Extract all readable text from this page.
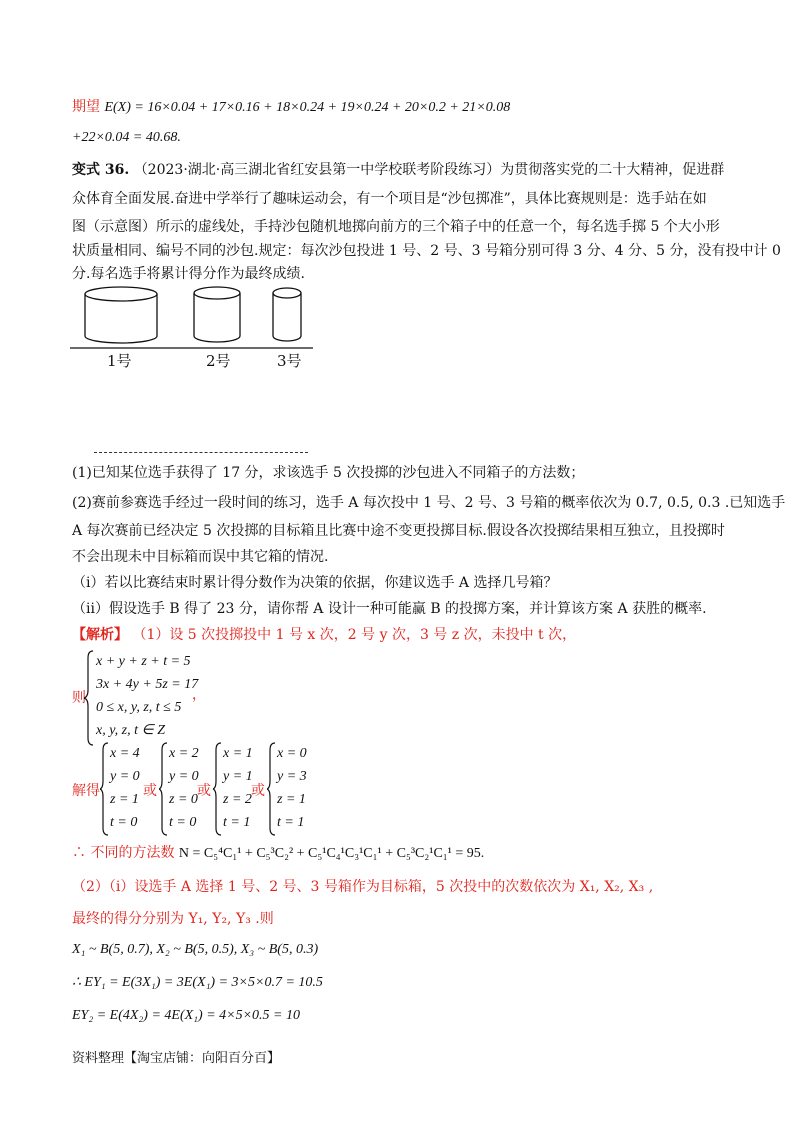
期望 E(X) = 16×0.04 + 17×0.16 + 18×0.24 + 19×0.24 + 20×0.2 + 21×0.08
+22×0.04 = 40.68.
变式 36. （2023·湖北·高三湖北省红安县第一中学校联考阶段练习）为贯彻落实党的二十大精神，促进群
众体育全面发展.奋进中学举行了趣味运动会，有一个项目是“沙包掷准”，具体比赛规则是：选手站在如
图（示意图）所示的虚线处，手持沙包随机地掷向前方的三个箱子中的任意一个，每名选手掷 5 个大小形
状质量相同、编号不同的沙包.规定：每次沙包投进 1 号、2 号、3 号箱分别可得 3 分、4 分、5 分，没有投中计 0
分.每名选手将累计得分作为最终成绩.
1号	2号	3号
(1)已知某位选手获得了 17 分，求该选手 5 次投掷的沙包进入不同箱子的方法数；
(2)赛前参赛选手经过一段时间的练习，选手 A 每次投中 1 号、2 号、3 号箱的概率依次为 0.7, 0.5, 0.3 .已知选手
A 每次赛前已经决定 5 次投掷的目标箱且比赛中途不变更投掷目标.假设各次投掷结果相互独立，且投掷时
不会出现未中目标箱而误中其它箱的情况.
（i）若以比赛结束时累计得分数作为决策的依据，你建议选手 A 选择几号箱？
（ii）假设选手 B 得了 23 分，请你帮 A 设计一种可能赢 B 的投掷方案，并计算该方案 A 获胜的概率.
【解析】 （1）设 5 次投掷投中 1 号 x 次，2 号 y 次，3 号 z 次，未投中 t 次，
则
x + y + z + t = 5
3x + 4y + 5z = 17
0 ≤ x, y, z, t ≤ 5
x, y, z, t ∈ Z
，
解得
x = 4
y = 0
z = 1
t = 0
或
x = 2
y = 0
z = 0
t = 0
或
x = 1
y = 1
z = 2
t = 1
或
x = 0
y = 3
z = 1
t = 1
∴ 不同的方法数 N = C₅⁴C₁¹ + C₅³C₂² + C₅¹C₄¹C₃¹C₁¹ + C₅³C₂¹C₁¹ = 95.
（2）（i）设选手 A 选择 1 号、2 号、3 号箱作为目标箱，5 次投中的次数依次为 X₁, X₂, X₃ ,
最终的得分分别为 Y₁, Y₂, Y₃ .则
X₁ ~ B(5, 0.7), X₂ ~ B(5, 0.5), X₃ ~ B(5, 0.3)
∴ EY₁ = E(3X₁) = 3E(X₁) = 3×5×0.7 = 10.5
EY₂ = E(4X₂) = 4E(X₁) = 4×5×0.5 = 10
资料整理【淘宝店铺：向阳百分百】
